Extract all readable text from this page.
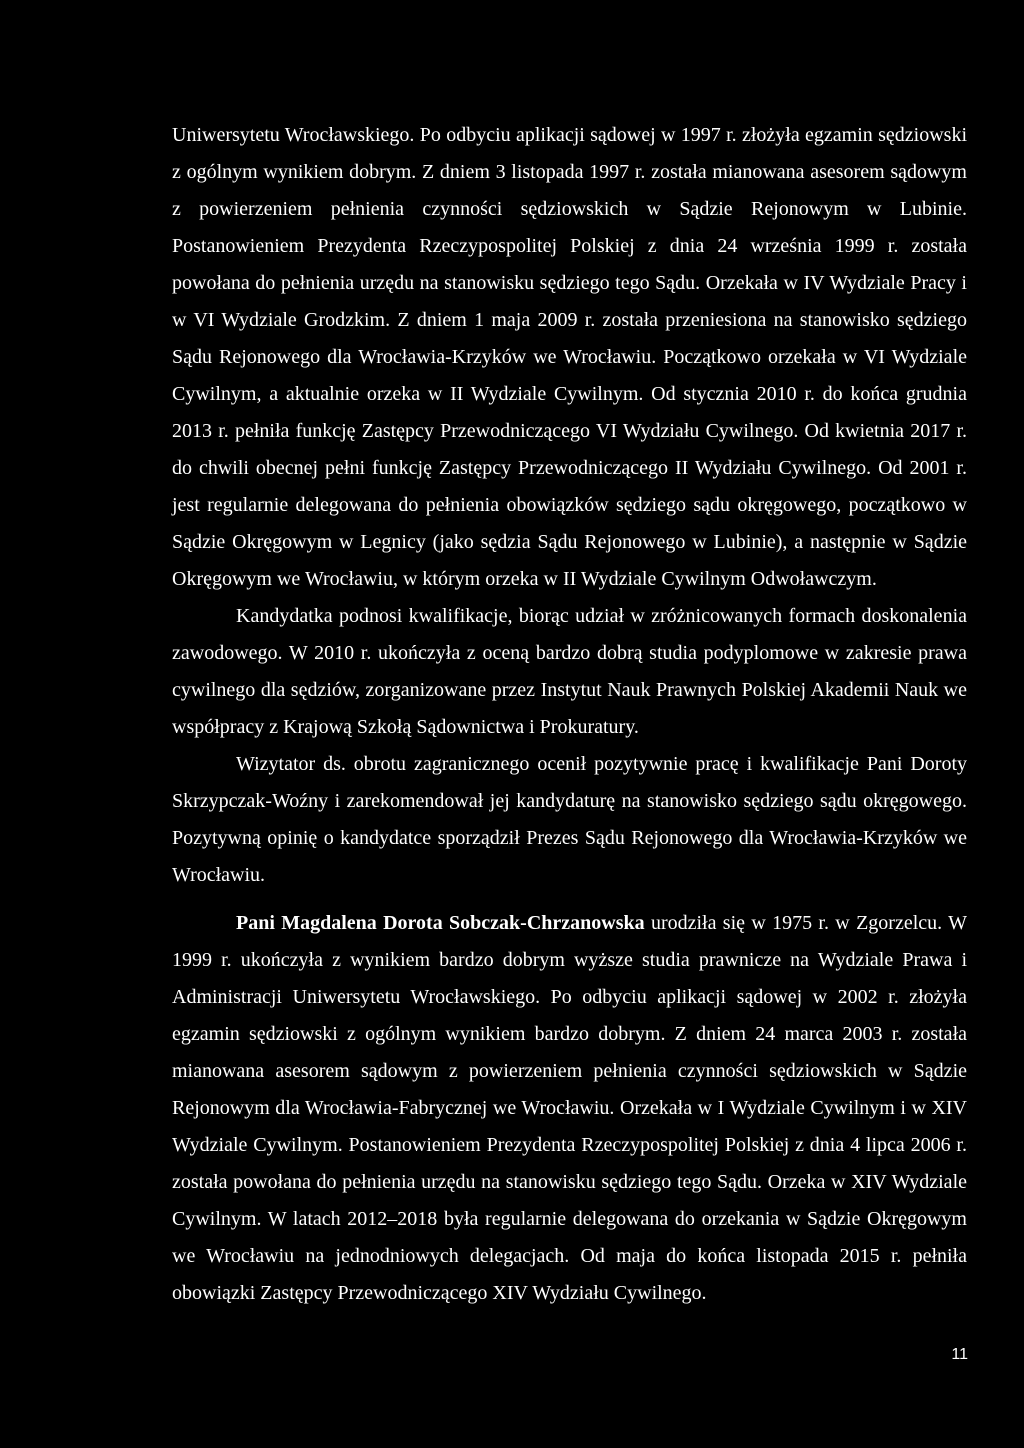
Uniwersytetu Wrocławskiego. Po odbyciu aplikacji sądowej w 1997 r. złożyła egzamin sędziowski z ogólnym wynikiem dobrym. Z dniem 3 listopada 1997 r. została mianowana asesorem sądowym z powierzeniem pełnienia czynności sędziowskich w Sądzie Rejonowym w Lubinie. Postanowieniem Prezydenta Rzeczypospolitej Polskiej z dnia 24 września 1999 r. została powołana do pełnienia urzędu na stanowisku sędziego tego Sądu. Orzekała w IV Wydziale Pracy i w VI Wydziale Grodzkim. Z dniem 1 maja 2009 r. została przeniesiona na stanowisko sędziego Sądu Rejonowego dla Wrocławia-Krzyków we Wrocławiu. Początkowo orzekała w VI Wydziale Cywilnym, a aktualnie orzeka w II Wydziale Cywilnym. Od stycznia 2010 r. do końca grudnia 2013 r. pełniła funkcję Zastępcy Przewodniczącego VI Wydziału Cywilnego. Od kwietnia 2017 r. do chwili obecnej pełni funkcję Zastępcy Przewodniczącego II Wydziału Cywilnego. Od 2001 r. jest regularnie delegowana do pełnienia obowiązków sędziego sądu okręgowego, początkowo w Sądzie Okręgowym w Legnicy (jako sędzia Sądu Rejonowego w Lubinie), a następnie w Sądzie Okręgowym we Wrocławiu, w którym orzeka w II Wydziale Cywilnym Odwoławczym.

Kandydatka podnosi kwalifikacje, biorąc udział w zróżnicowanych formach doskonalenia zawodowego. W 2010 r. ukończyła z oceną bardzo dobrą studia podyplomowe w zakresie prawa cywilnego dla sędziów, zorganizowane przez Instytut Nauk Prawnych Polskiej Akademii Nauk we współpracy z Krajową Szkołą Sądownictwa i Prokuratury.

Wizytator ds. obrotu zagranicznego ocenił pozytywnie pracę i kwalifikacje Pani Doroty Skrzypczak-Woźny i zarekomendował jej kandydaturę na stanowisko sędziego sądu okręgowego. Pozytywną opinię o kandydatce sporządził Prezes Sądu Rejonowego dla Wrocławia-Krzyków we Wrocławiu.

Pani Magdalena Dorota Sobczak-Chrzanowska urodziła się w 1975 r. w Zgorzelcu. W 1999 r. ukończyła z wynikiem bardzo dobrym wyższe studia prawnicze na Wydziale Prawa i Administracji Uniwersytetu Wrocławskiego. Po odbyciu aplikacji sądowej w 2002 r. złożyła egzamin sędziowski z ogólnym wynikiem bardzo dobrym. Z dniem 24 marca 2003 r. została mianowana asesorem sądowym z powierzeniem pełnienia czynności sędziowskich w Sądzie Rejonowym dla Wrocławia-Fabrycznej we Wrocławiu. Orzekała w I Wydziale Cywilnym i w XIV Wydziale Cywilnym. Postanowieniem Prezydenta Rzeczypospolitej Polskiej z dnia 4 lipca 2006 r. została powołana do pełnienia urzędu na stanowisku sędziego tego Sądu. Orzeka w XIV Wydziale Cywilnym. W latach 2012–2018 była regularnie delegowana do orzekania w Sądzie Okręgowym we Wrocławiu na jednodniowych delegacjach. Od maja do końca listopada 2015 r. pełniła obowiązki Zastępcy Przewodniczącego XIV Wydziału Cywilnego.

11
